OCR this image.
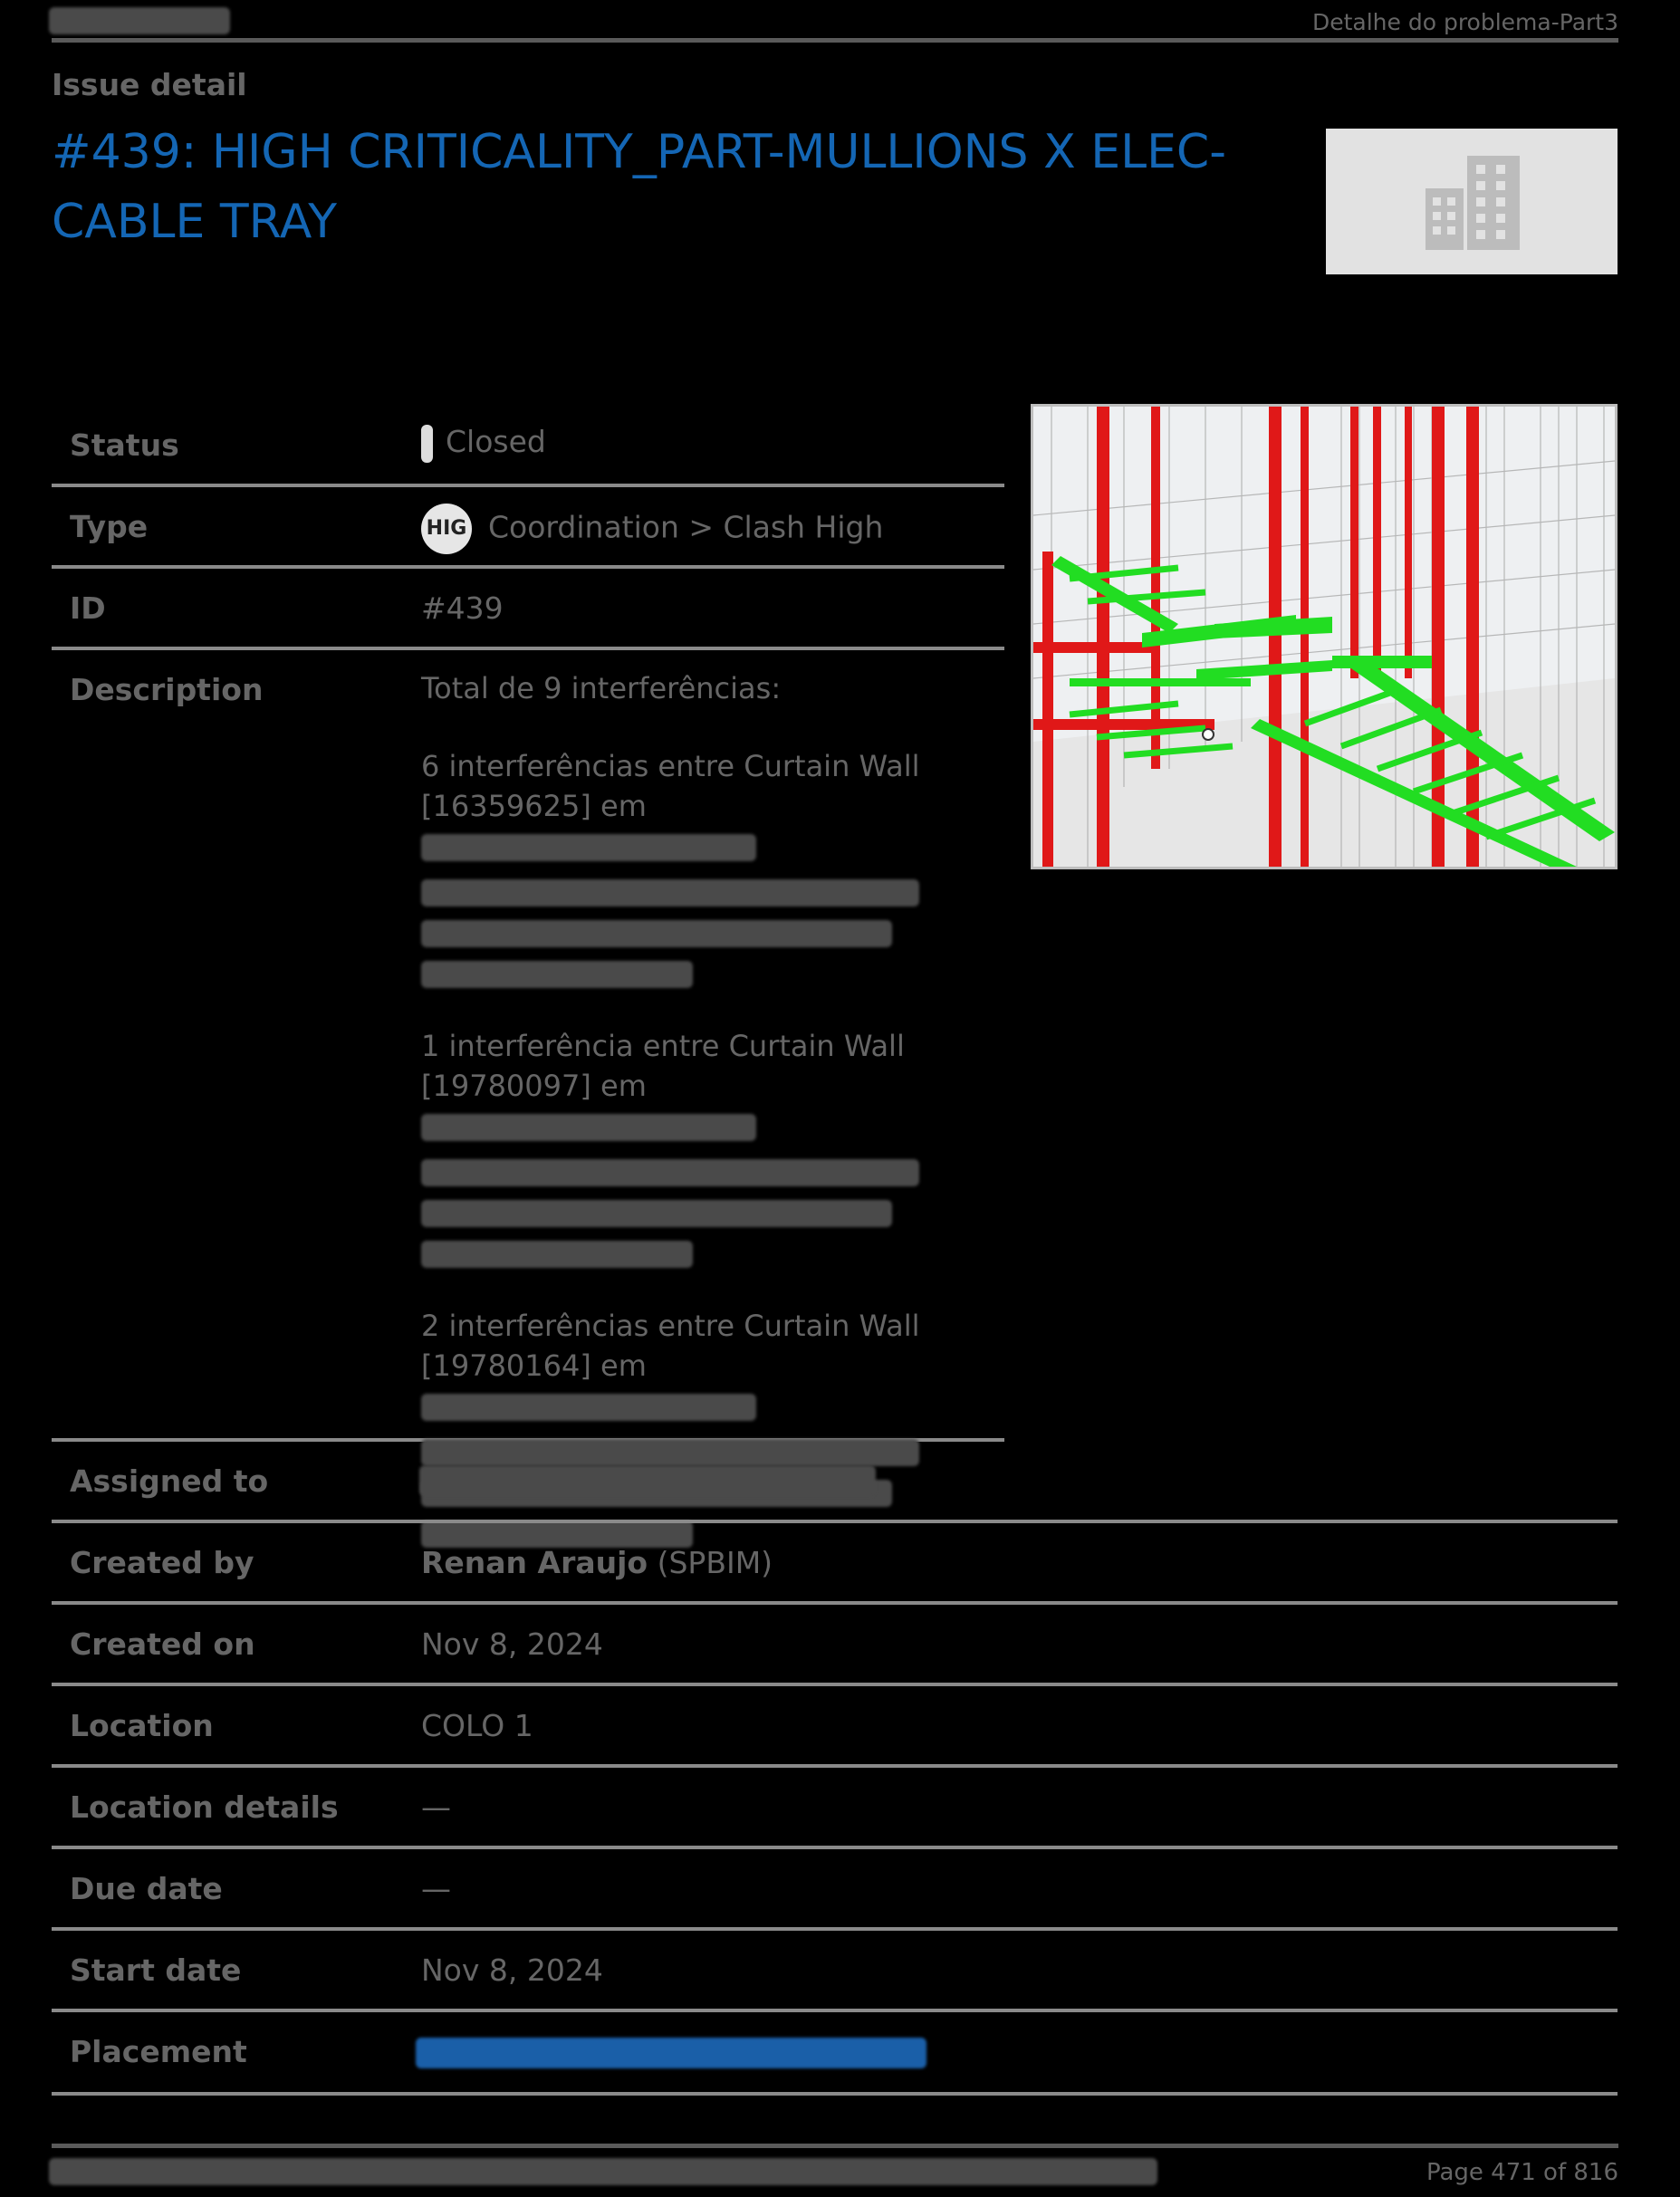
Detalhe do problema-Part3
Issue detail
#439: HIGH CRITICALITY_PART-MULLIONS X ELEC-CABLE TRAY
Status	Closed
Type	HIG Coordination > Clash High
ID	#439
Description	Total de 9 interferências:

6 interferências entre Curtain Wall [16359625] em

1 interferência entre Curtain Wall [19780097] em

2 interferências entre Curtain Wall [19780164] em

Assigned to
Created by	Renan Araujo (SPBIM)
Created on	Nov 8, 2024
Location	COLO 1
Location details	—
Due date	—
Start date	Nov 8, 2024
Placement
Page 471 of 816
